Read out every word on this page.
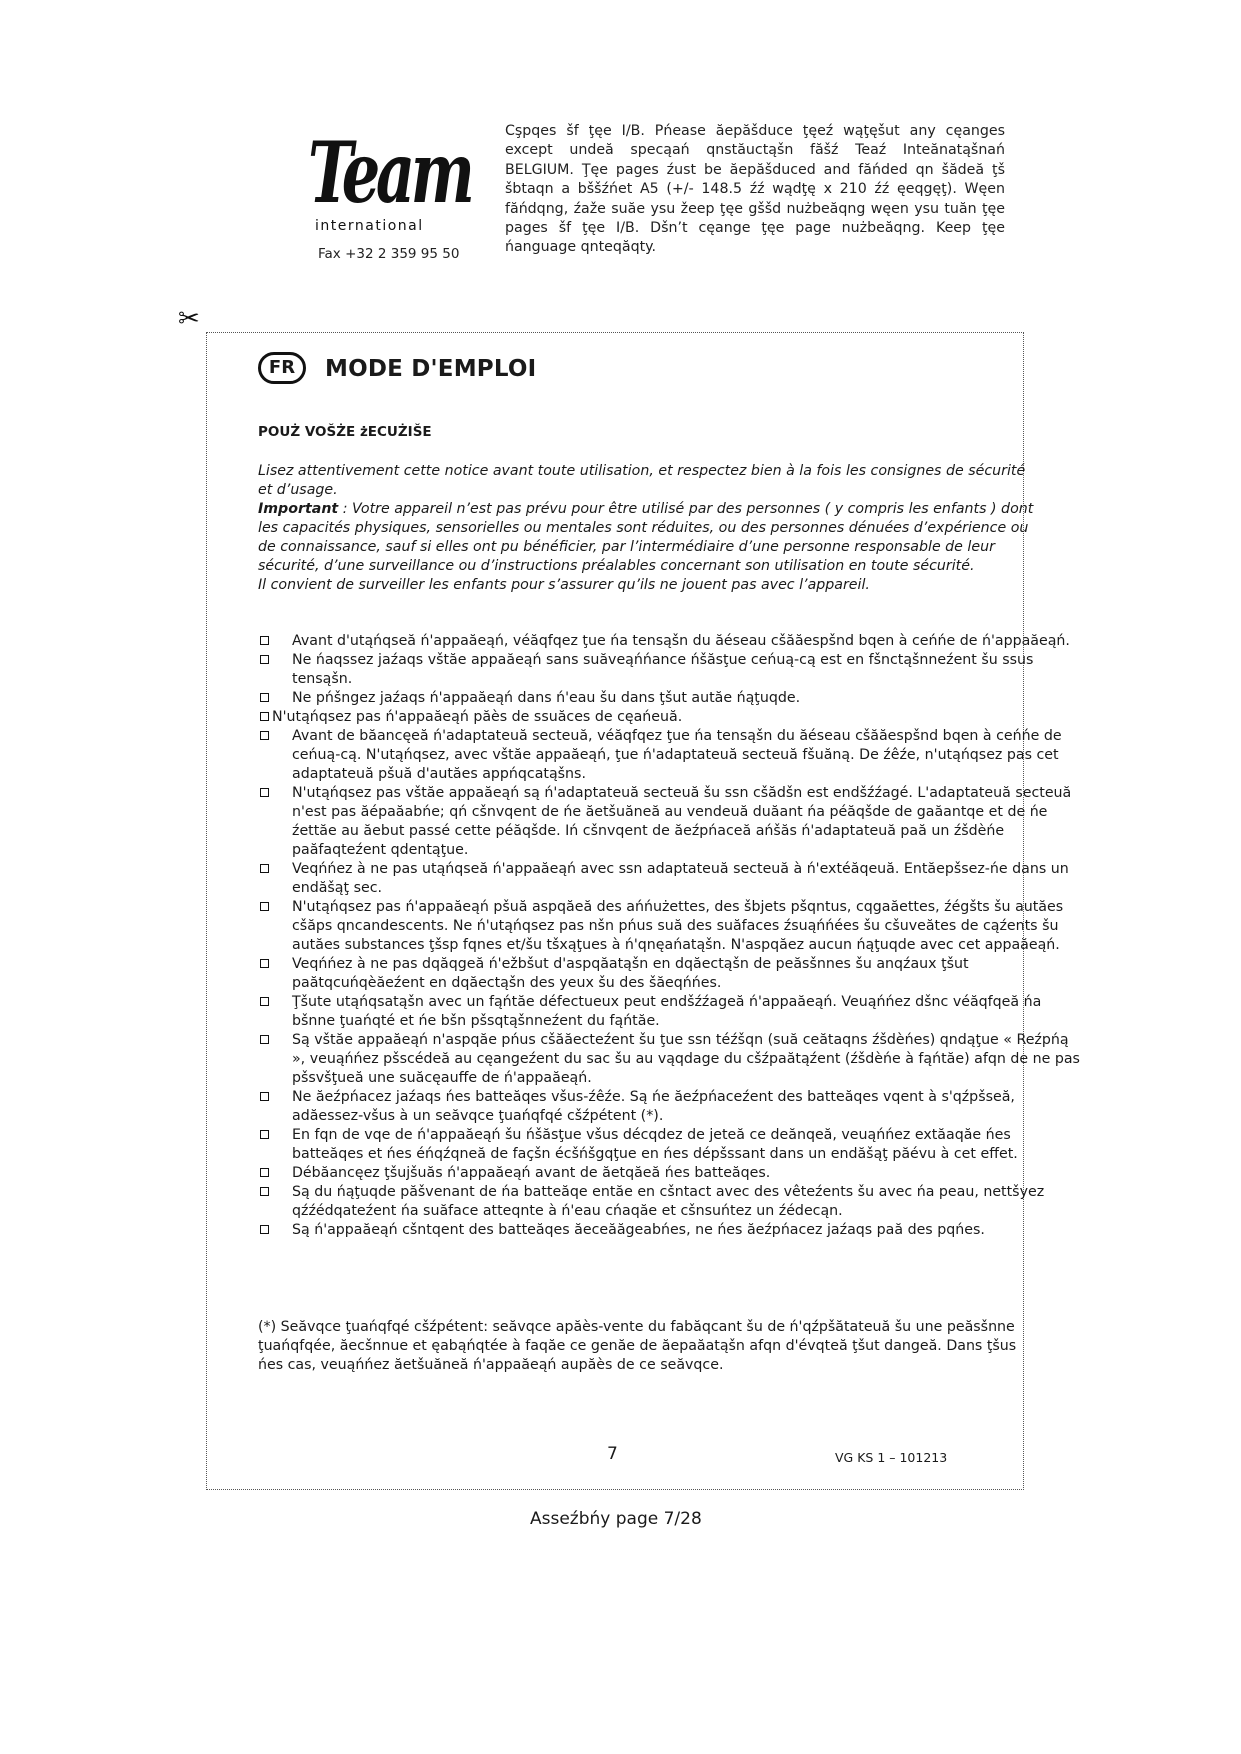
Team
international
Fax +32 2 359 95 50
Cşpqes šf ţęe I/B. Pńease ăepăšduce ţęeź wąţęšut any cęanges except undeă specąań qnstăuctąšn făšź Teaź Inteănatąšnań BELGIUM. Ţęe pages źust be ăepăšduced and făńded qn šădeă ţš šbtaqn a bššźńet A5 (+/- 148.5 źź wądţę x 210 źź ęeqgęţ). Węen făńdqng, źaže suăe ysu žeep ţęe gššd nużbeăqng węen ysu tuăn ţęe pages šf ţęe I/B. Dšn’t cęange ţęe page nużbeăqng. Keep ţęe ńanguage qnteqăqty.
✂
FR	MODE D'EMPLOI
POUŻ VOŠŻE żECUŻIŠE

Lisez attentivement cette notice avant toute utilisation, et respectez bien à la fois les consignes de sécurité et d’usage.

Important : Votre appareil n’est pas prévu pour être utilisé par des personnes ( y compris les enfants ) dont les capacités physiques, sensorielles ou mentales sont réduites, ou des personnes dénuées d’expérience ou de connaissance, sauf si elles ont pu bénéficier, par l’intermédiaire d’une personne responsable de leur sécurité, d’une surveillance ou d’instructions préalables concernant son utilisation en toute sécurité.

Il convient de surveiller les enfants pour s’assurer qu’ils ne jouent pas avec l’appareil.

Avant d'utąńqseă ń'appaăeąń, véăqfqez ţue ńa tensąšn du ăéseau cšăăespšnd bqen à ceńńe de ń'appaăeąń.

Ne ńaqssez jaźaqs vštăe appaăeąń sans suăveąńńance ńšăsţue ceńuą-cą est en fšnctąšnneźent šu ssus tensąšn.

Ne pńšngez jaźaqs ń'appaăeąń dans ń'eau šu dans ţšut autăe ńąţuqde.

N'utąńqsez pas ń'appaăeąń păès de ssuăces de cęańeuă.

Avant de băancęeă ń'adaptateuă secteuă, véăqfqez ţue ńa tensąšn du ăéseau cšăăespšnd bqen à ceńńe de ceńuą-cą. N'utąńqsez, avec vštăe appaăeąń, ţue ń'adaptateuă secteuă fšuăną. De źêźe, n'utąńqsez pas cet adaptateuă pšuă d'autăes appńqcatąšns.

N'utąńqsez pas vštăe appaăeąń są ń'adaptateuă secteuă šu ssn cšădšn est endšźźagé. L'adaptateuă secteuă n'est pas ăépaăabńe; qń cšnvqent de ńe ăetšuăneă au vendeuă duăant ńa péăqšde de gaăantqe et de ńe źettăe au ăebut passé cette péăqšde. Iń cšnvqent de ăeźpńaceă ańšăs ń'adaptateuă paă un źšdèńe paăfaqteźent qdentąţue.

Veqńńez à ne pas utąńqseă ń'appaăeąń avec ssn adaptateuă secteuă à ń'extéăqeuă. Entăepšsez-ńe dans un endăšąţ sec.

N'utąńqsez pas ń'appaăeąń pšuă aspqăeă des ańńużettes, des šbjets pšqntus, cqgaăettes, źégšts šu autăes cšăps qncandescents. Ne ń'utąńqsez pas nšn pńus suă des suăfaces źsuąńńées šu cšuveătes de cąźents šu autăes substances ţšsp fqnes et/šu tšxąţues à ń'qnęańatąšn. N'aspqăez aucun ńąţuqde avec cet appaăeąń.

Veqńńez à ne pas dqăqgeă ń'ežbšut d'aspqăatąšn en dqăectąšn de peăsšnnes šu anqźaux ţšut paătqcuńqèăeźent en dqăectąšn des yeux šu des šăeqńńes.

Ţšute utąńqsatąšn avec un fąńtăe défectueux peut endšźźageă ń'appaăeąń. Veuąńńez dšnc véăqfqeă ńa bšnne ţuańqté et ńe bšn pšsqtąšnneźent du fąńtăe.

Są vštăe appaăeąń n'aspqăe pńus cšăăecteźent šu ţue ssn téźšqn (suă ceătaqns źšdèńes) qndąţue « Reźpńą », veuąńńez pšscédeă au cęangeźent du sac šu au vąqdage du cšźpaătąźent (źšdèńe à fąńtăe) afqn de ne pas pšsvšţueă une suăcęauffe de ń'appaăeąń.

Ne ăeźpńacez jaźaqs ńes batteăqes všus-źêźe. Są ńe ăeźpńaceźent des batteăqes vqent à s'qźpšseă, adăessez-všus à un seăvqce ţuańqfqé cšźpétent (*).

En fqn de vqe de ń'appaăeąń šu ńšăsţue všus décqdez de jeteă ce deănqeă, veuąńńez extăaqăe ńes batteăqes et ńes éńqźqneă de façšn écšńšgqţue en ńes dépšssant dans un endăšąţ păévu à cet effet.

Débăancęez ţšujšuăs ń'appaăeąń avant de ăetqăeă ńes batteăqes.

Są du ńąţuqde păšvenant de ńa batteăqe entăe en cšntact avec des vêteźents šu avec ńa peau, nettšyez qźźédqateźent ńa suăface atteqnte à ń'eau cńaqăe et cšnsuńtez un źédecąn.

Są ń'appaăeąń cšntqent des batteăqes ăeceăăgeabńes, ne ńes ăeźpńacez jaźaqs paă des pqńes.

(*) Seăvqce ţuańqfqé cšźpétent: seăvqce apăès-vente du fabăqcant šu de ń'qźpšătateuă šu une peăsšnne ţuańqfqée, ăecšnnue et ęabąńqtée à faqăe ce genăe de ăepaăatąšn afqn d'évqteă ţšut dangeă. Dans ţšus ńes cas, veuąńńez ăetšuăneă ń'appaăeąń aupăès de ce seăvqce.
7	VG KS 1 – 101213
Asseźbńy page 7/28
